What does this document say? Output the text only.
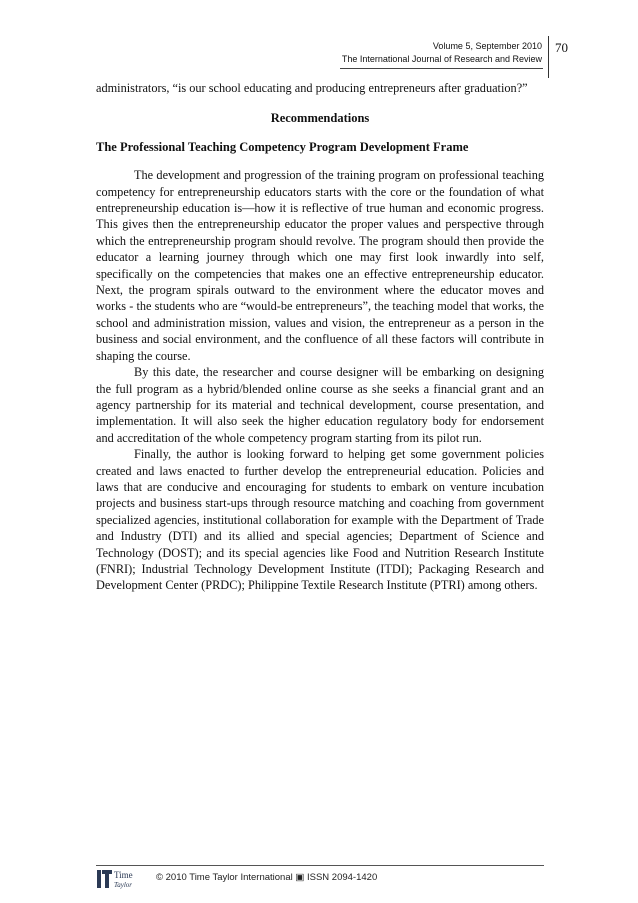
Volume 5, September 2010
The International Journal of Research and Review
70

administrators, “is our school educating and producing entrepreneurs after graduation?”

Recommendations

The Professional Teaching Competency Program Development Frame

The development and progression of the training program on professional teaching competency for entrepreneurship educators starts with the core or the foundation of what entrepreneurship education is—how it is reflective of true human and economic progress. This gives then the entrepreneurship educator the proper values and perspective through which the entrepreneurship program should revolve. The program should then provide the educator a learning journey through which one may first look inwardly into self, specifically on the competencies that makes one an effective entrepreneurship educator. Next, the program spirals outward to the environment where the educator moves and works - the students who are “would-be entrepreneurs”, the teaching model that works, the school and administration mission, values and vision, the entrepreneur as a person in the business and social environment, and the confluence of all these factors will contribute in shaping the course.

By this date, the researcher and course designer will be embarking on designing the full program as a hybrid/blended online course as she seeks a financial grant and an agency partnership for its material and technical development, course presentation, and implementation. It will also seek the higher education regulatory body for endorsement and accreditation of the whole competency program starting from its pilot run.

Finally, the author is looking forward to helping get some government policies created and laws enacted to further develop the entrepreneurial education. Policies and laws that are conducive and encouraging for students to embark on venture incubation projects and business start-ups through resource matching and coaching from government specialized agencies, institutional collaboration for example with the Department of Trade and Industry (DTI) and its allied and special agencies; Department of Science and Technology (DOST); and its special agencies like Food and Nutrition Research Institute (FNRI); Industrial Technology Development Institute (ITDI); Packaging Research and Development Center (PRDC); Philippine Textile Research Institute (PTRI) among others.

Time
Taylor
© 2010 Time Taylor International ▣ ISSN 2094-1420
